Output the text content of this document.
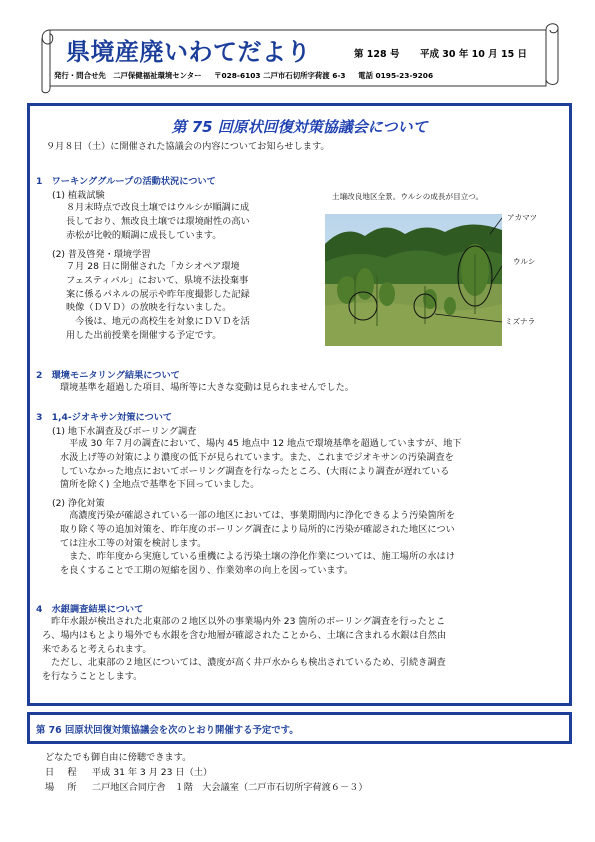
県境産廃いわてだより	第 128 号 平成 30 年 10 月 15 日
発行・問合せ先　二戸保健福祉環境センター 〒028-6103 二戸市石切所字荷渡 6-3 電話 0195-23-9206
第 75 回原状回復対策協議会について
９月８日（土）に開催された協議会の内容についてお知らせします。
1　ワーキンググループの活動状況について
(1) 植栽試験
８月末時点で改良土壌ではウルシが順調に成
長しており、無改良土壌では環境耐性の高い
赤松が比較的順調に成長しています。
(2) 普及啓発・環境学習
７月 28 日に開催された「カシオペア環境
フェスティバル」において、県境不法投棄事
案に係るパネルの展示や昨年度撮影した記録
映像（ＤＶＤ）の放映を行ないました。
　今後は、地元の高校生を対象にＤＶＤを活
用した出前授業を開催する予定です。
土壌改良地区全景。ウルシの成長が目立つ。
アカマツ
ウルシ
ミズナラ
2　環境モニタリング結果について
環境基準を超過した項目、場所等に大きな変動は見られませんでした。
3　1,4-ジオキサン対策について
(1) 地下水調査及びボーリング調査
　平成 30 年７月の調査において、場内 45 地点中 12 地点で環境基準を超過していますが、地下
水汲上げ等の対策により濃度の低下が見られています。また、これまでジオキサンの汚染調査を
していなかった地点においてボーリング調査を行なったところ、(大雨により調査が遅れている
箇所を除く) 全地点で基準を下回っていました。
(2) 浄化対策
　高濃度汚染が確認されている一部の地区においては、事業期間内に浄化できるよう汚染箇所を
取り除く等の追加対策を、昨年度のボーリング調査により局所的に汚染が確認された地区につい
ては注水工等の対策を検討します。
　また、昨年度から実施している重機による汚染土壌の浄化作業については、施工場所の水はけ
を良くすることで工期の短縮を図り、作業効率の向上を図っています。
4　水銀調査結果について
　昨年水銀が検出された北東部の２地区以外の事業場内外 23 箇所のボーリング調査を行ったとこ
ろ、場内はもとより場外でも水銀を含む地層が確認されたことから、土壌に含まれる水銀は自然由
来であると考えられます。
　ただし、北東部の２地区については、濃度が高く井戸水からも検出されているため、引続き調査
を行なうこととします。
第 76 回原状回復対策協議会を次のとおり開催する予定です。
どなたでも御自由に傍聴できます。
日　程 平成 31 年 3 月 23 日（土）
場　所 二戸地区合同庁舎　１階　大会議室（二戸市石切所字荷渡６－３）
